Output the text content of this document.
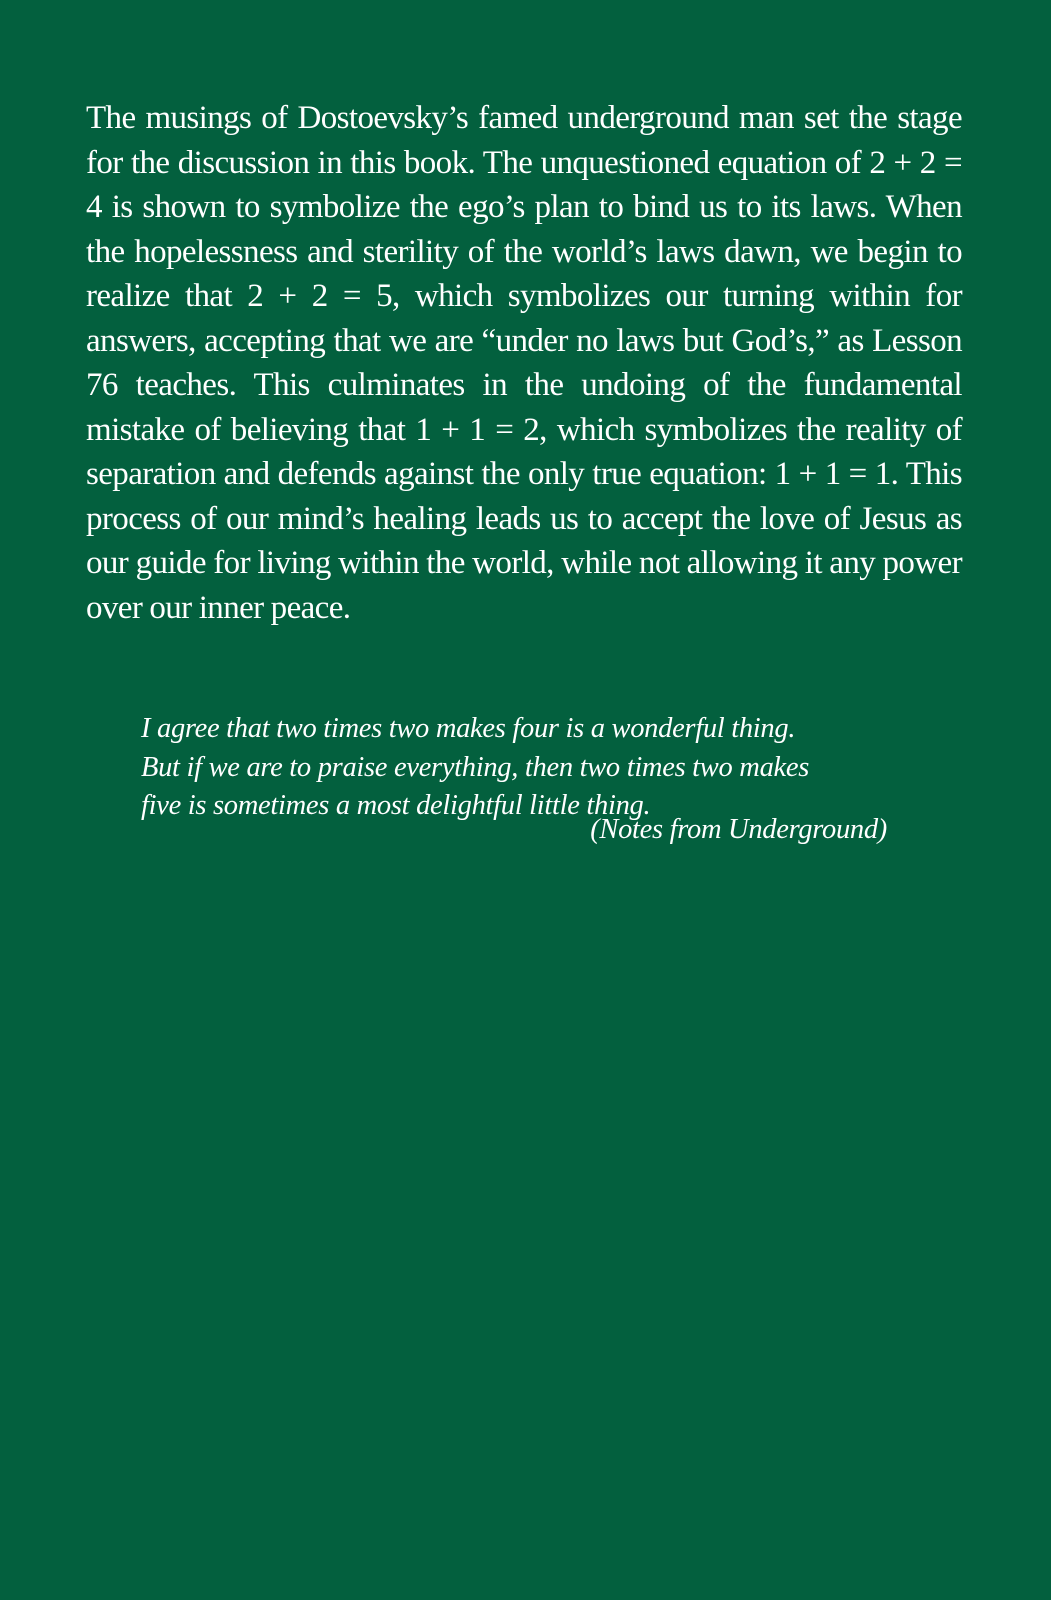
The musings of Dostoevsky’s famed underground man set the stage for the discussion in this book. The unquestioned equation of 2 + 2 = 4 is shown to symbolize the ego’s plan to bind us to its laws. When the hopelessness and sterility of the world’s laws dawn, we begin to realize that 2 + 2 = 5, which symbolizes our turning within for answers, accepting that we are “under no laws but God’s,” as Lesson 76 teaches. This culminates in the undoing of the fundamental mistake of believing that 1 + 1 = 2, which symbolizes the reality of separation and defends against the only true equation: 1 + 1 = 1. This process of our mind’s healing leads us to accept the love of Jesus as our guide for living within the world, while not allowing it any power over our inner peace.

I agree that two times two makes four is a wonderful thing.
But if we are to praise everything, then two times two makes
five is sometimes a most delightful little thing.

(Notes from Underground)
